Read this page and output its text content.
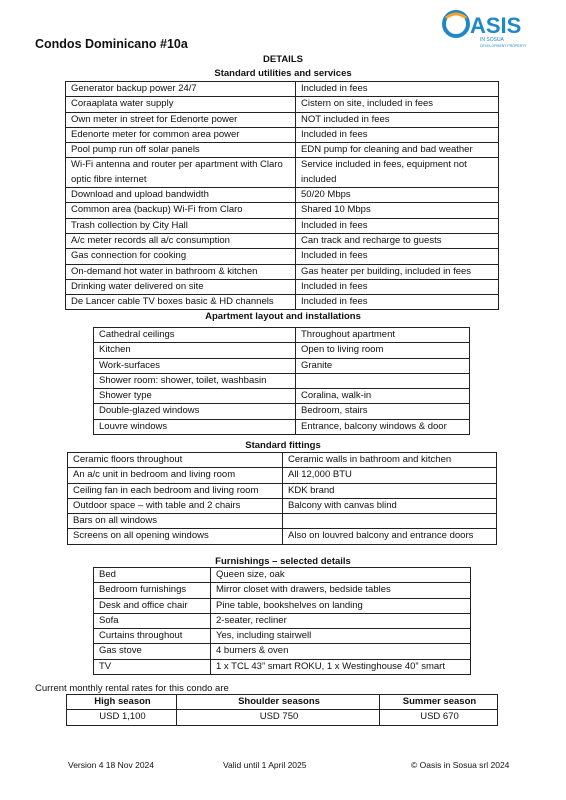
Condos Dominicano #10a
ASIS
IN SOSUA
DEVELOPMENT PROPERTY
DETAILS
Standard utilities and services
Generator backup power 24/7	Included in fees
Coraaplata water supply	Cistern on site, included in fees
Own meter in street for Edenorte power	NOT included in fees
Edenorte meter for common area power	Included in fees
Pool pump run off solar panels	EDN pump for cleaning and bad weather
Wi-Fi antenna and router per apartment with Claro optic fibre internet	Service included in fees, equipment not included
Download and upload bandwidth	50/20 Mbps
Common area (backup) Wi-Fi from Claro	Shared 10 Mbps
Trash collection by City Hall	Included in fees
A/c meter records all a/c consumption	Can track and recharge to guests
Gas connection for cooking	Included in fees
On-demand hot water in bathroom & kitchen	Gas heater per building, included in fees
Drinking water delivered on site	Included in fees
De Lancer cable TV boxes basic & HD channels	Included in fees
Apartment layout and installations
Cathedral ceilings	Throughout apartment
Kitchen	Open to living room
Work-surfaces	Granite
Shower room: shower, toilet, washbasin	
Shower type	Coralina, walk-in
Double-glazed windows	Bedroom, stairs
Louvre windows	Entrance, balcony windows & door
Standard fittings
Ceramic floors throughout	Ceramic walls in bathroom and kitchen
An a/c unit in bedroom and living room	All 12,000 BTU
Ceiling fan in each bedroom and living room	KDK brand
Outdoor space – with table and 2 chairs	Balcony with canvas blind
Bars on all windows	
Screens on all opening windows	Also on louvred balcony and entrance doors
Furnishings – selected details
Bed	Queen size, oak
Bedroom furnishings	Mirror closet with drawers, bedside tables
Desk and office chair	Pine table, bookshelves on landing
Sofa	2-seater, recliner
Curtains throughout	Yes, including stairwell
Gas stove	4 burners & oven
TV	1 x TCL 43” smart ROKU, 1 x Westinghouse 40” smart
Current monthly rental rates for this condo are
High season	Shoulder seasons	Summer season
USD 1,100	USD 750	USD 670
Version 4 18 Nov 2024	Valid until 1 April 2025	© Oasis in Sosua srl 2024
